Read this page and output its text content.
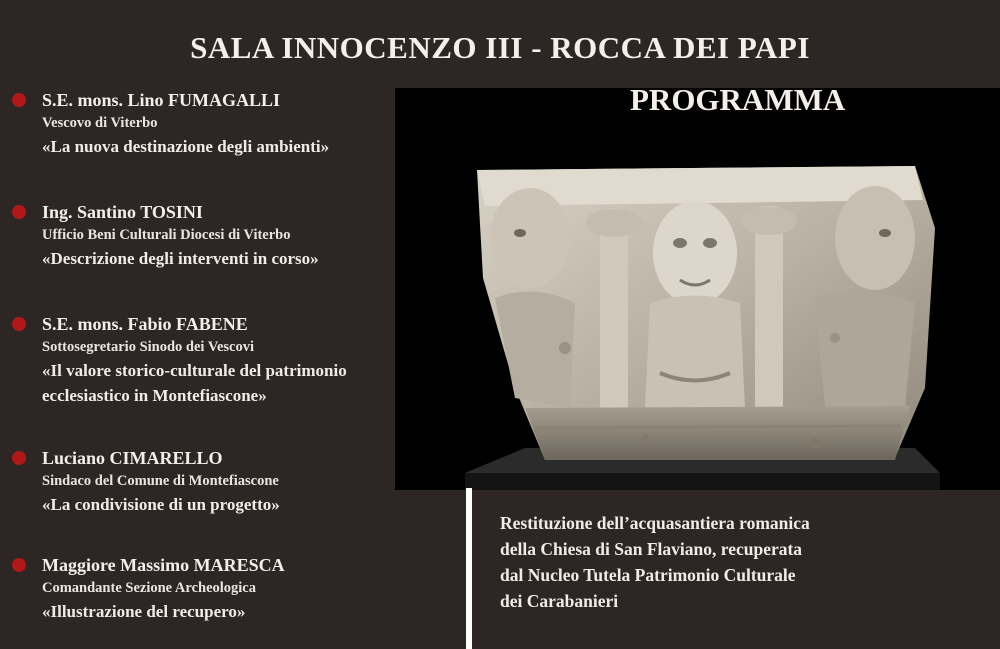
SALA INNOCENZO III - ROCCA DEI PAPI
PROGRAMMA
S.E. mons. Lino FUMAGALLI
Vescovo di Viterbo
«La nuova destinazione degli ambienti»
Ing. Santino TOSINI
Ufficio Beni Culturali Diocesi di Viterbo
«Descrizione degli interventi in corso»
S.E. mons. Fabio FABENE
Sottosegretario Sinodo dei Vescovi
«Il valore storico-culturale del patrimonio
ecclesiastico in Montefiascone»
Luciano CIMARELLO
Sindaco del Comune di Montefiascone
«La condivisione di un progetto»
Maggiore Massimo MARESCA
Comandante Sezione Archeologica
«Illustrazione del recupero»
Restituzione dell’acquasantiera romanica
della Chiesa di San Flaviano, recuperata
dal Nucleo Tutela Patrimonio Culturale
dei Carabanieri
